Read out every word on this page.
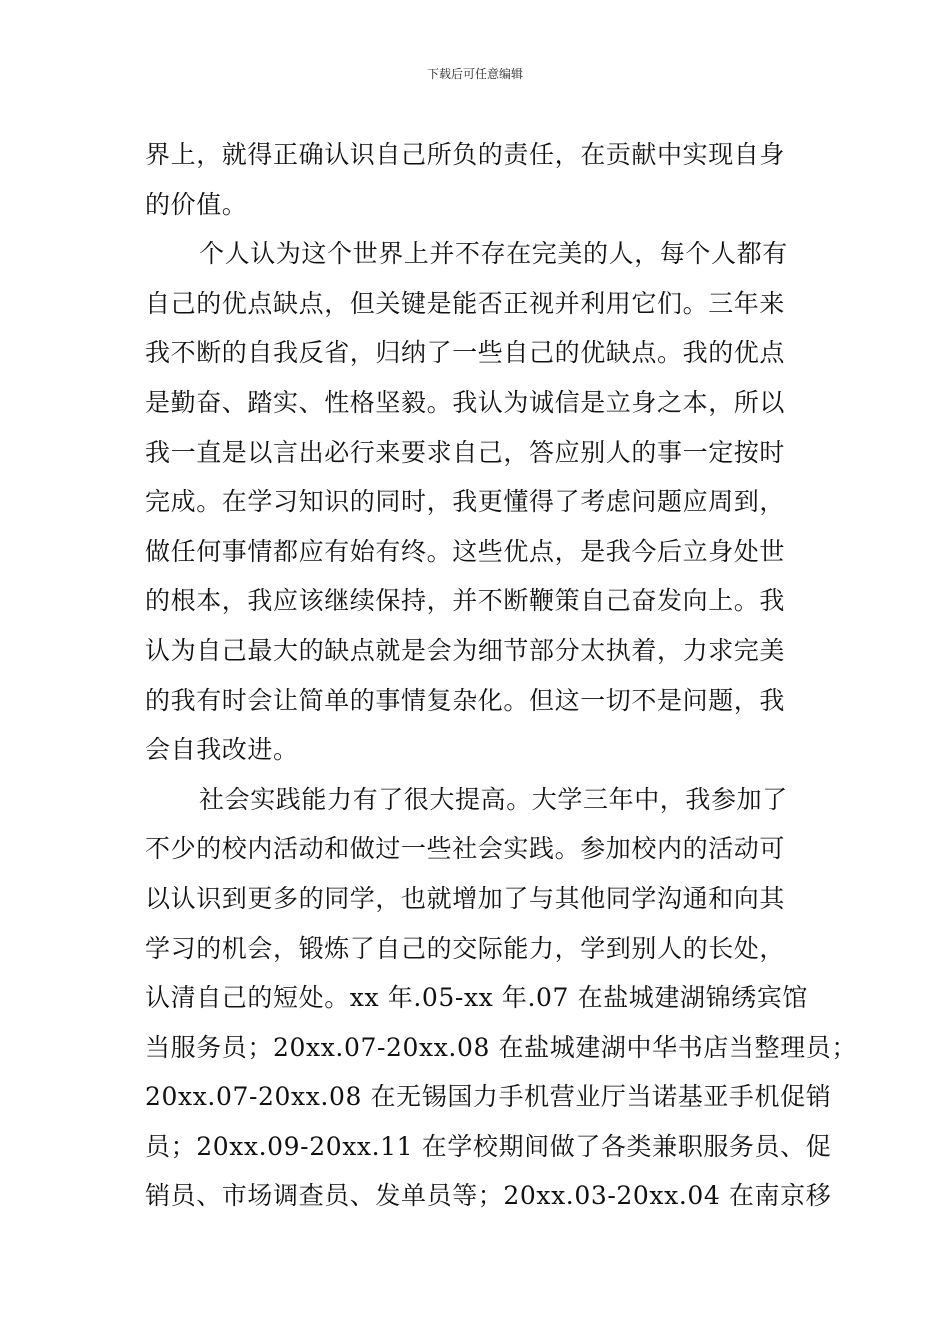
下载后可任意编辑
界上，就得正确认识自己所负的责任，在贡献中实现自身
的价值。
个人认为这个世界上并不存在完美的人，每个人都有
自己的优点缺点，但关键是能否正视并利用它们。三年来
我不断的自我反省，归纳了一些自己的优缺点。我的优点
是勤奋、踏实、性格坚毅。我认为诚信是立身之本，所以
我一直是以言出必行来要求自己，答应别人的事一定按时
完成。在学习知识的同时，我更懂得了考虑问题应周到，
做任何事情都应有始有终。这些优点，是我今后立身处世
的根本，我应该继续保持，并不断鞭策自己奋发向上。我
认为自己最大的缺点就是会为细节部分太执着，力求完美
的我有时会让简单的事情复杂化。但这一切不是问题，我
会自我改进。
社会实践能力有了很大提高。大学三年中，我参加了
不少的校内活动和做过一些社会实践。参加校内的活动可
以认识到更多的同学，也就增加了与其他同学沟通和向其
学习的机会，锻炼了自己的交际能力，学到别人的长处，
认清自己的短处。xx 年.05-xx 年.07 在盐城建湖锦绣宾馆
当服务员；20xx.07-20xx.08 在盐城建湖中华书店当整理员；
20xx.07-20xx.08 在无锡国力手机营业厅当诺基亚手机促销
员；20xx.09-20xx.11 在学校期间做了各类兼职服务员、促
销员、市场调查员、发单员等；20xx.03-20xx.04 在南京移
